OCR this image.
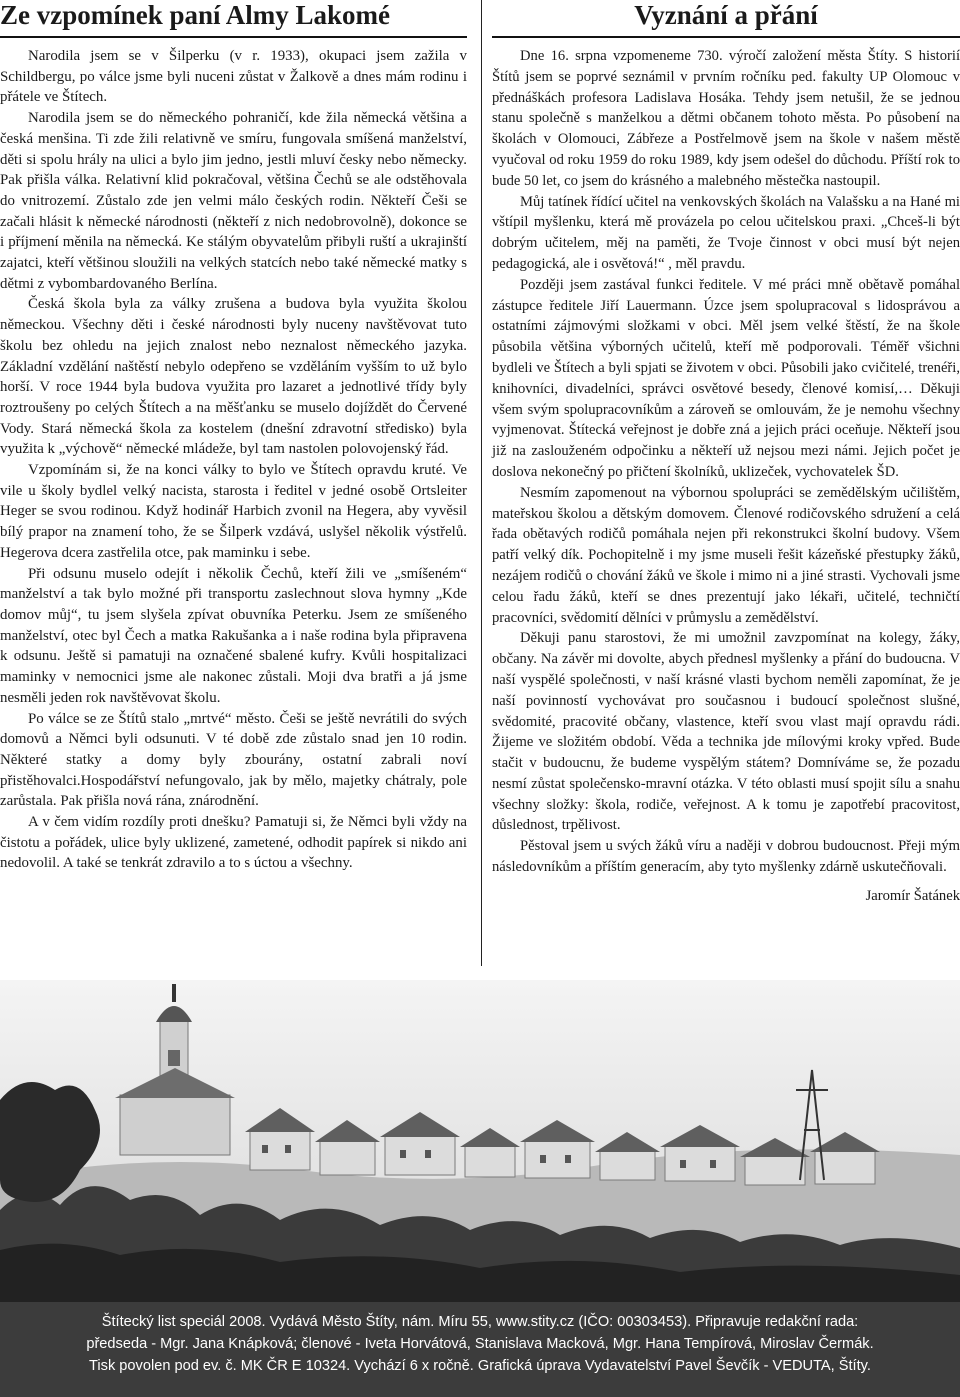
Ze vzpomínek paní Almy Lakomé

Narodila jsem se v Šilperku (v r. 1933), okupaci jsem zažila v Schildbergu, po válce jsme byli nuceni zůstat v Žalkově a dnes mám rodinu i přátele ve Štítech.

Narodila jsem se do německého pohraničí, kde žila německá většina a česká menšina. Ti zde žili relativně ve smíru, fungovala smíšená manželství, děti si spolu hrály na ulici a bylo jim jedno, jestli mluví česky nebo německy. Pak přišla válka. Relativní klid pokračoval, většina Čechů se ale odstěhovala do vnitrozemí. Zůstalo zde jen velmi málo českých rodin. Někteří Češi se začali hlásit k německé národnosti (někteří z nich nedobrovolně), dokonce se i příjmení měnila na německá. Ke stálým obyvatelům přibyli ruští a ukrajinští zajatci, kteří většinou sloužili na velkých statcích nebo také německé matky s dětmi z vybombardovaného Berlína.

Česká škola byla za války zrušena a budova byla využita školou německou. Všechny děti i české národnosti byly nuceny navštěvovat tuto školu bez ohledu na jejich znalost nebo neznalost německého jazyka. Základní vzdělání naštěstí nebylo odepřeno se vzděláním vyšším to už bylo horší. V roce 1944 byla budova využita pro lazaret a jednotlivé třídy byly roztroušeny po celých Štítech a na měšťanku se muselo dojíždět do Červené Vody. Stará německá škola za kostelem (dnešní zdravotní středisko) byla využita k „výchově“ německé mládeže, byl tam nastolen polovojenský řád.

Vzpomínám si, že na konci války to bylo ve Štítech opravdu kruté. Ve vile u školy bydlel velký nacista, starosta i ředitel v jedné osobě Ortsleiter Heger se svou rodinou. Když hodinář Harbich zvonil na Hegera, aby vyvěsil bílý prapor na znamení toho, že se Šilperk vzdává, uslyšel několik výstřelů. Hegerova dcera zastřelila otce, pak maminku i sebe.

Při odsunu muselo odejít i několik Čechů, kteří žili ve „smíšeném“ manželství a tak bylo možné při transportu zaslechnout slova hymny „Kde domov můj“, tu jsem slyšela zpívat obuvníka Peterku. Jsem ze smíšeného manželství, otec byl Čech a matka Rakušanka a i naše rodina byla připravena k odsunu. Ještě si pamatuji na označené sbalené kufry. Kvůli hospitalizaci maminky v nemocnici jsme ale nakonec zůstali. Moji dva bratři a já jsme nesměli jeden rok navštěvovat školu.

Po válce se ze Štítů stalo „mrtvé“ město. Češi se ještě nevrátili do svých domovů a Němci byli odsunuti. V té době zde zůstalo snad jen 10 rodin. Některé statky a domy byly zbourány, ostatní zabrali noví přistěhovalci.Hospodářství nefungovalo, jak by mělo, majetky chátraly, pole zarůstala. Pak přišla nová rána, znárodnění.

A v čem vidím rozdíly proti dnešku? Pamatuji si, že Němci byli vždy na čistotu a pořádek, ulice byly uklizené, zametené, odhodit papírek si nikdo ani nedovolil. A také se tenkrát zdravilo a to s úctou a všechny.

Vyznání a přání

Dne 16. srpna vzpomeneme 730. výročí založení města Štíty. S historií Štítů jsem se poprvé seznámil v prvním ročníku ped. fakulty UP Olomouc v přednáškách profesora Ladislava Hosáka. Tehdy jsem netušil, že se jednou stanu společně s manželkou a dětmi občanem tohoto města. Po působení na školách v Olomouci, Zábřeze a Postřelmově jsem na škole v našem městě vyučoval od roku 1959 do roku 1989, kdy jsem odešel do důchodu. Příští rok to bude 50 let, co jsem do krásného a malebného městečka nastoupil.

Můj tatínek řídící učitel na venkovských školách na Valašsku a na Hané mi vštípil myšlenku, která mě provázela po celou učitelskou praxi. „Chceš-li být dobrým učitelem, měj na paměti, že Tvoje činnost v obci musí být nejen pedagogická, ale i osvětová!“ , měl pravdu.

Později jsem zastával funkci ředitele. V mé práci mně obětavě pomáhal zástupce ředitele Jiří Lauermann. Úzce jsem spolupracoval s lidosprávou a ostatními zájmovými složkami v obci. Měl jsem velké štěstí, že na škole působila většina výborných učitelů, kteří mě podporovali. Téměř všichni bydleli ve Štítech a byli spjati se životem v obci. Působili jako cvičitelé, trenéři, knihovníci, divadelníci, správci osvětové besedy, členové komisí,… Děkuji všem svým spolupracovníkům a zároveň se omlouvám, že je nemohu všechny vyjmenovat. Štítecká veřejnost je dobře zná a jejich práci oceňuje. Někteří jsou již na zaslouženém odpočinku a někteří už nejsou mezi námi. Jejich počet je doslova nekonečný po přičtení školníků, uklizeček, vychovatelek ŠD.

Nesmím zapomenout na výbornou spolupráci se zemědělským učilištěm, mateřskou školou a dětským domovem. Členové rodičovského sdružení a celá řada obětavých rodičů pomáhala nejen při rekonstrukci školní budovy. Všem patří velký dík. Pochopitelně i my jsme museli řešit kázeňské přestupky žáků, nezájem rodičů o chování žáků ve škole i mimo ni a jiné strasti. Vychovali jsme celou řadu žáků, kteří se dnes prezentují jako lékaři, učitelé, techničtí pracovníci, svědomití dělníci v průmyslu a zemědělství.

Děkuji panu starostovi, že mi umožnil zavzpomínat na kolegy, žáky, občany. Na závěr mi dovolte, abych přednesl myšlenky a přání do budoucna. V naší vyspělé společnosti, v naší krásné vlasti bychom neměli zapomínat, že je naší povinností vychovávat pro současnou i budoucí společnost slušné, svědomité, pracovité občany, vlastence, kteří svou vlast mají opravdu rádi. Žijeme ve složitém období. Věda a technika jde mílovými kroky vpřed. Bude stačit v budoucnu, že budeme vyspělým státem? Domníváme se, že pozadu nesmí zůstat společensko-mravní otázka. V této oblasti musí spojit sílu a snahu všechny složky: škola, rodiče, veřejnost. A k tomu je zapotřebí pracovitost, důslednost, trpělivost.

Pěstoval jsem u svých žáků víru a naději v dobrou budoucnost. Přeji mým následovníkům a příštím generacím, aby tyto myšlenky zdárně uskutečňovali.

Jaromír Šatánek
Štítecký list speciál 2008. Vydává Město Štíty, nám. Míru 55, www.stity.cz (IČO: 00303453). Připravuje redakční rada:
předseda - Mgr. Jana Knápková; členové - Iveta Horvátová, Stanislava Macková, Mgr. Hana Tempírová, Miroslav Čermák.
Tisk povolen pod ev. č. MK ČR E 10324. Vychází 6 x ročně. Grafická úprava Vydavatelství Pavel Ševčík - VEDUTA, Štíty.
